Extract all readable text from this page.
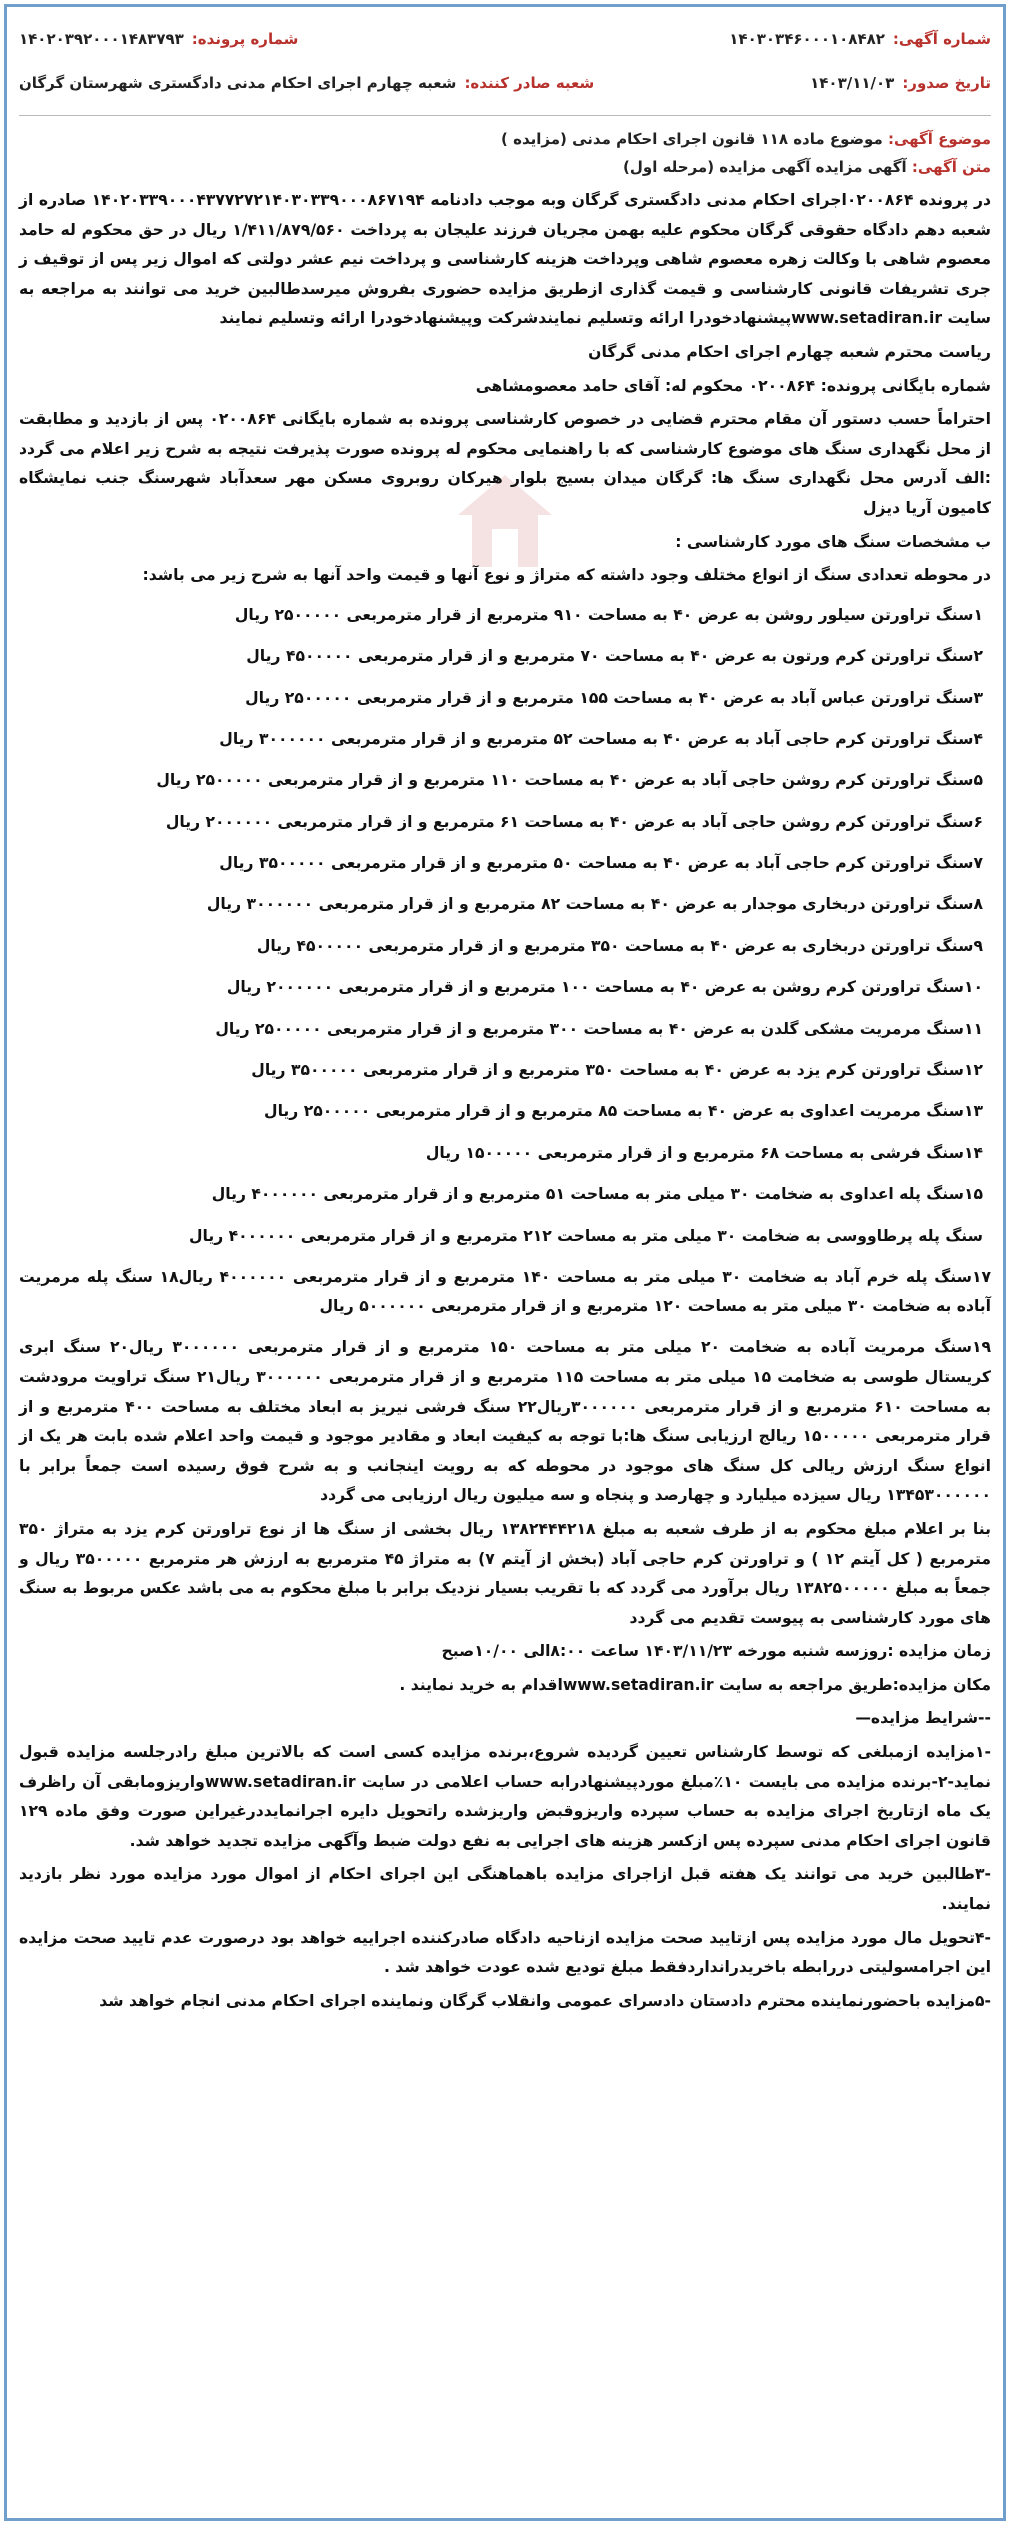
شماره آگهی:
۱۴۰۳۰۳۴۶۰۰۰۱۰۸۴۸۲
شماره پرونده:
۱۴۰۲۰۳۹۲۰۰۰۱۴۸۳۷۹۳
تاریخ صدور:
۱۴۰۳/۱۱/۰۳
شعبه صادر کننده:
شعبه چهارم اجرای احکام مدنی دادگستری شهرستان گرگان
موضوع آگهی: موضوع ماده ۱۱۸ قانون اجرای احکام مدنی (مزایده )
متن آگهی: آگهی مزایده آگهی مزایده (مرحله اول)

در پرونده ۰۲۰۰۸۶۴اجرای احکام مدنی دادگستری گرگان وبه موجب دادنامه ۱۴۰۲۰۳۳۹۰۰۰۴۳۷۷۲۷۲۱۴۰۳۰۳۳۹۰۰۰۸۶۷۱۹۴ صادره از شعبه دهم دادگاه حقوقی گرگان محکوم علیه بهمن مجریان فرزند علیجان به پرداخت ۱/۴۱۱/۸۷۹/۵۶۰ ریال در حق محکوم له حامد معصوم شاهی با وکالت زهره معصوم شاهی وپرداخت هزینه کارشناسی و پرداخت نیم عشر دولتی که اموال زیر پس از توقیف ز جری تشریفات قانونی کارشناسی و قیمت گذاری ازطریق مزایده حضوری بفروش میرسدطالبین خرید می توانند به مراجعه به سایت www.setadiran.irپیشنهادخودرا ارائه وتسلیم نمایندشرکت وپیشنهادخودرا ارائه وتسلیم نمایند

ریاست محترم شعبه چهارم اجرای احکام مدنی گرگان

شماره بایگانی پرونده: ۰۲۰۰۸۶۴ محکوم له: آقای حامد معصومشاهی

احتراماً حسب دستور آن مقام محترم قضایی در خصوص کارشناسی پرونده به شماره بایگانی ۰۲۰۰۸۶۴ پس از بازدید و مطابقت از محل نگهداری سنگ های موضوع کارشناسی که با راهنمایی محکوم له پرونده صورت پذیرفت نتیجه به شرح زیر اعلام می گردد :الف آدرس محل نگهداری سنگ ها: گرگان میدان بسیج بلوار هیرکان روبروی مسکن مهر سعدآباد شهرسنگ جنب نمایشگاه کامیون آریا دیزل

ب مشخصات سنگ های مورد کارشناسی :

در محوطه تعدادی سنگ از انواع مختلف وجود داشته که متراژ و نوع آنها و قیمت واحد آنها به شرح زیر می باشد:

۱سنگ تراورتن سیلور روشن به عرض ۴۰ به مساحت ۹۱۰ مترمربع از قرار مترمربعی ۲۵۰۰۰۰۰ ریال
۲سنگ تراورتن کرم ورتون به عرض ۴۰ به مساحت ۷۰ مترمربع و از قرار مترمربعی ۴۵۰۰۰۰۰ ریال
۳سنگ تراورتن عباس آباد به عرض ۴۰ به مساحت ۱۵۵ مترمربع و از قرار مترمربعی ۲۵۰۰۰۰۰ ریال
۴سنگ تراورتن کرم حاجی آباد به عرض ۴۰ به مساحت ۵۲ مترمربع و از قرار مترمربعی ۳۰۰۰۰۰۰ ریال
۵سنگ تراورتن کرم روشن حاجی آباد به عرض ۴۰ به مساحت ۱۱۰ مترمربع و از قرار مترمربعی ۲۵۰۰۰۰۰ ریال
۶سنگ تراورتن کرم روشن حاجی آباد به عرض ۴۰ به مساحت ۶۱ مترمربع و از قرار مترمربعی ۲۰۰۰۰۰۰ ریال
۷سنگ تراورتن کرم حاجی آباد به عرض ۴۰ به مساحت ۵۰ مترمربع و از قرار مترمربعی ۳۵۰۰۰۰۰ ریال
۸سنگ تراورتن دربخاری موجدار به عرض ۴۰ به مساحت ۸۲ مترمربع و از قرار مترمربعی ۳۰۰۰۰۰۰ ریال
۹سنگ تراورتن دربخاری به عرض ۴۰ به مساحت ۳۵۰ مترمربع و از قرار مترمربعی ۴۵۰۰۰۰۰ ریال
۱۰سنگ تراورتن کرم روشن به عرض ۴۰ به مساحت ۱۰۰ مترمربع و از قرار مترمربعی ۲۰۰۰۰۰۰ ریال
۱۱سنگ مرمریت مشکی گلدن به عرض ۴۰ به مساحت ۳۰۰ مترمربع و از قرار مترمربعی ۲۵۰۰۰۰۰ ریال
۱۲سنگ تراورتن کرم یزد به عرض ۴۰ به مساحت ۳۵۰ مترمربع و از قرار مترمربعی ۳۵۰۰۰۰۰ ریال
۱۳سنگ مرمریت اعداوی به عرض ۴۰ به مساحت ۸۵ مترمربع و از قرار مترمربعی ۲۵۰۰۰۰۰ ریال
۱۴سنگ فرشی به مساحت ۶۸ مترمربع و از قرار مترمربعی ۱۵۰۰۰۰۰ ریال
۱۵سنگ پله اعداوی به ضخامت ۳۰ میلی متر به مساحت ۵۱ مترمربع و از قرار مترمربعی ۴۰۰۰۰۰۰ ریال
سنگ پله پرطاووسی به ضخامت ۳۰ میلی متر به مساحت ۲۱۲ مترمربع و از قرار مترمربعی ۴۰۰۰۰۰۰ ریال
۱۷سنگ پله خرم آباد به ضخامت ۳۰ میلی متر به مساحت ۱۴۰ مترمربع و از قرار مترمربعی ۴۰۰۰۰۰۰ ریال۱۸ سنگ پله مرمریت آباده به ضخامت ۳۰ میلی متر به مساحت ۱۲۰ مترمربع و از قرار مترمربعی ۵۰۰۰۰۰۰ ریال

۱۹سنگ مرمریت آباده به ضخامت ۲۰ میلی متر به مساحت ۱۵۰ مترمربع و از قرار مترمربعی ۳۰۰۰۰۰۰ ریال۲۰ سنگ ابری کریستال طوسی به ضخامت ۱۵ میلی متر به مساحت ۱۱۵ مترمربع و از قرار مترمربعی ۳۰۰۰۰۰۰ ریال۲۱ سنگ تراویت مرودشت به مساحت ۶۱۰ مترمربع و از قرار مترمربعی ۳۰۰۰۰۰۰ریال۲۲ سنگ فرشی نیریز به ابعاد مختلف به مساحت ۴۰۰ مترمربع و از قرار مترمربعی ۱۵۰۰۰۰۰ ریالج ارزیابی سنگ ها:با توجه به کیفیت ابعاد و مقادیر موجود و قیمت واحد اعلام شده بابت هر یک از انواع سنگ ارزش ریالی کل سنگ های موجود در محوطه که به رویت اینجانب و به شرح فوق رسیده است جمعاً برابر با ۱۳۴۵۳۰۰۰۰۰۰ ریال سیزده میلیارد و چهارصد و پنجاه و سه میلیون ریال ارزیابی می گردد

بنا بر اعلام مبلغ محکوم به از طرف شعبه به مبلغ ۱۳۸۲۴۴۴۲۱۸ ریال بخشی از سنگ ها از نوع تراورتن کرم یزد به متراژ ۳۵۰ مترمربع ( کل آیتم ۱۲ ) و تراورتن کرم حاجی آباد (بخش از آیتم ۷) به متراژ ۴۵ مترمربع به ارزش هر مترمربع ۳۵۰۰۰۰۰ ریال و جمعاً به مبلغ ۱۳۸۲۵۰۰۰۰۰ ریال برآورد می گردد که با تقریب بسیار نزدیک برابر با مبلغ محکوم به می باشد عکس مربوط به سنگ های مورد کارشناسی به پیوست تقدیم می گردد

زمان مزایده :روزسه شنبه مورخه ۱۴۰۳/۱۱/۲۳ ساعت ۸:۰۰الی ۱۰/۰۰صبح

مکان مزایده:طریق مراجعه به سایت www.setadiran.irاقدام به خرید نمایند .

--شرایط مزایده—

-۱مزایده ازمبلغی که توسط کارشناس تعیین گردیده شروع،برنده مزایده کسی است که بالاترین مبلغ رادرجلسه مزایده قبول نماید-۲-برنده مزایده می بایست ۱۰٪مبلغ موردپیشنهادرابه حساب اعلامی در سایت www.setadiran.irواریزومابقی آن راظرف یک ماه ازتاریخ اجرای مزایده به حساب سپرده واریزوقبض واریزشده راتحویل دایره اجرانمایددرغیراین صورت وفق ماده ۱۲۹ قانون اجرای احکام مدنی سپرده پس ازکسر هزینه های اجرایی به نفع دولت ضبط وآگهی مزایده تجدید خواهد شد.

-۳طالبین خرید می توانند یک هفته قبل ازاجرای مزایده باهماهنگی این اجرای احکام از اموال مورد مزایده مورد نظر بازدید نمایند.

-۴تحویل مال مورد مزایده پس ازتایید صحت مزایده ازناحیه دادگاه صادرکننده اجراییه خواهد بود درصورت عدم تایید صحت مزایده این اجرامسولیتی دررابطه باخریدرانداردفقط مبلغ تودیع شده عودت خواهد شد .

-۵مزایده باحضورنماینده محترم دادستان دادسرای عمومی وانقلاب گرگان ونماینده اجرای احکام مدنی انجام خواهد شد
